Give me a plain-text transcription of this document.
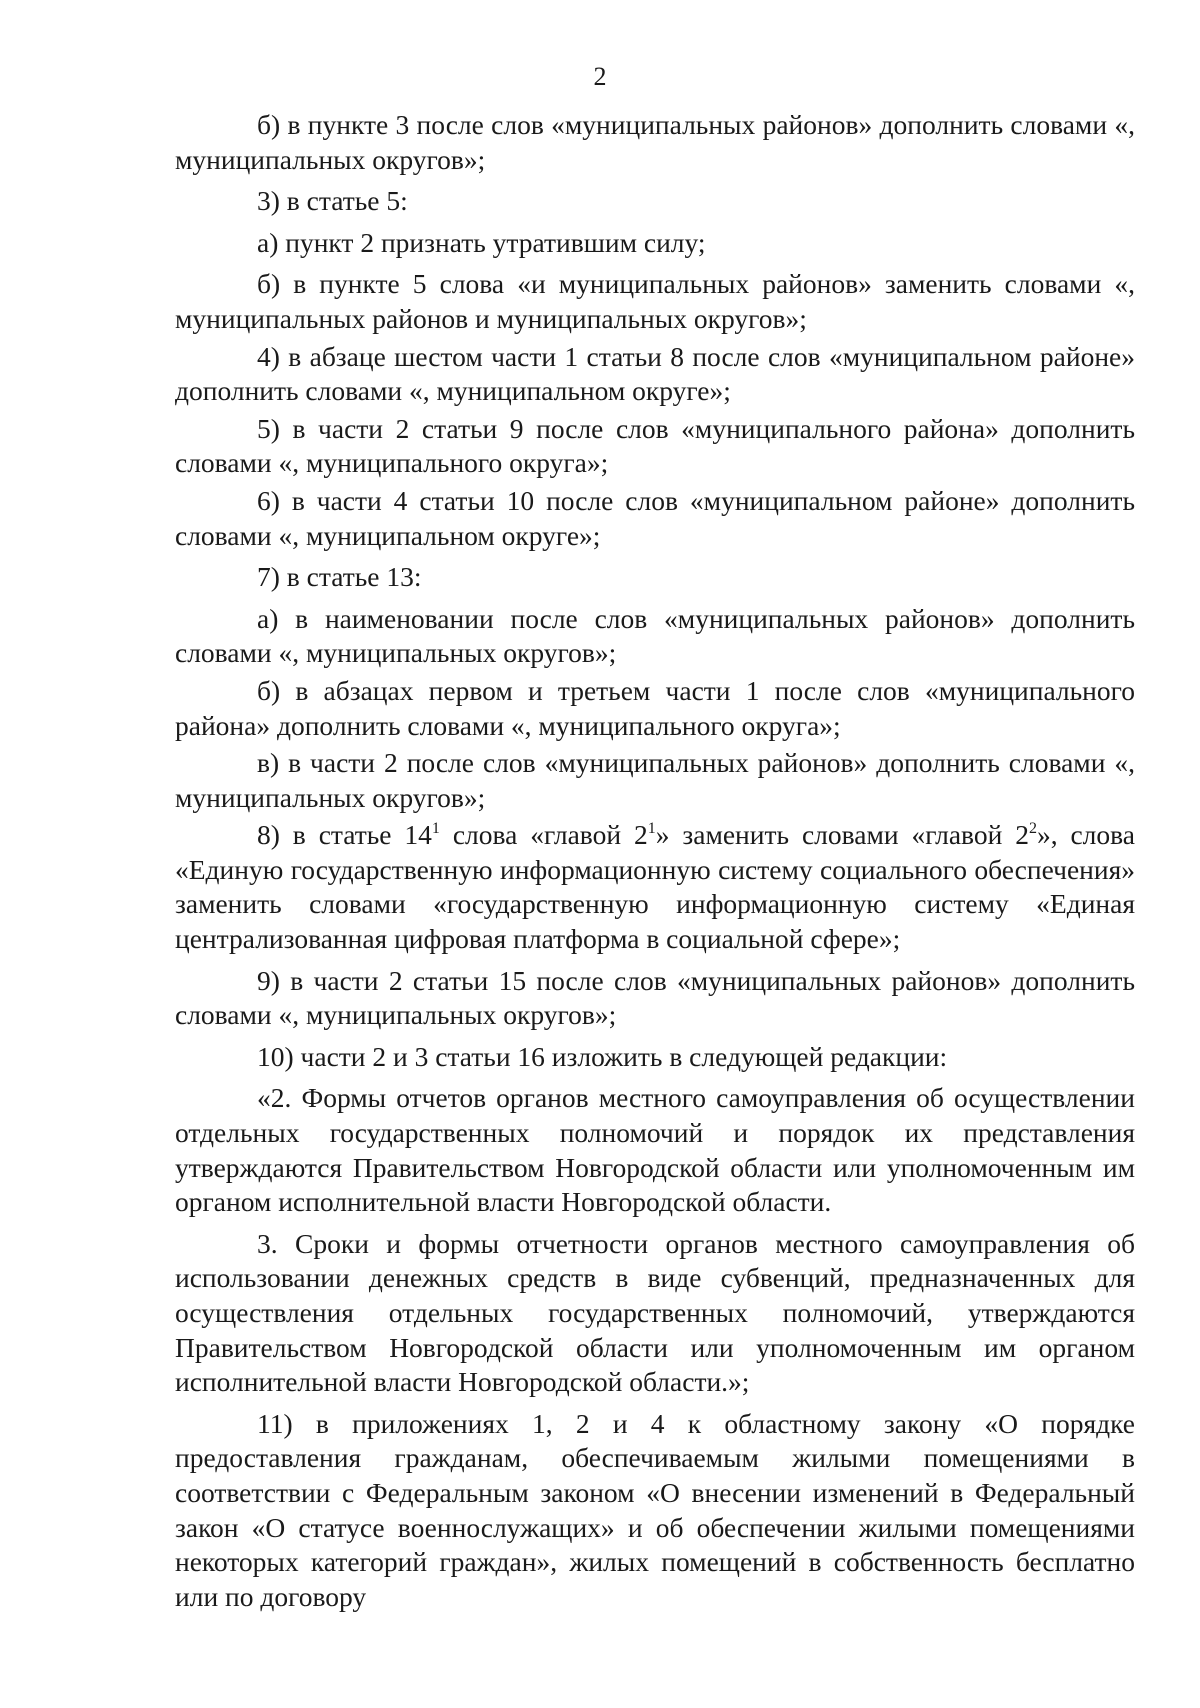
2

б) в пункте 3 после слов «муниципальных районов» дополнить словами «, муниципальных округов»;

3) в статье 5:

а) пункт 2 признать утратившим силу;

б) в пункте 5 слова «и муниципальных районов» заменить словами «, муниципальных районов и муниципальных округов»;

4) в абзаце шестом части 1 статьи 8 после слов «муниципальном районе» дополнить словами «, муниципальном округе»;

5) в части 2 статьи 9 после слов «муниципального района» дополнить словами «, муниципального округа»;

6) в части 4 статьи 10 после слов «муниципальном районе» дополнить словами «, муниципальном округе»;

7) в статье 13:

а) в наименовании после слов «муниципальных районов» дополнить словами «, муниципальных округов»;

б) в абзацах первом и третьем части 1 после слов «муниципального района» дополнить словами «, муниципального округа»;

в) в части 2 после слов «муниципальных районов» дополнить словами «, муниципальных округов»;

8) в статье $14^1$ слова «главой $2^1$» заменить словами «главой $2^2$», слова «Единую государственную информационную систему социального обеспечения» заменить словами «государственную информационную систему «Единая централизованная цифровая платформа в социальной сфере»;

9) в части 2 статьи 15 после слов «муниципальных районов» дополнить словами «, муниципальных округов»;

10) части 2 и 3 статьи 16 изложить в следующей редакции:

«2. Формы отчетов органов местного самоуправления об осуществлении отдельных государственных полномочий и порядок их представления утверждаются Правительством Новгородской области или уполномоченным им органом исполнительной власти Новгородской области.

3. Сроки и формы отчетности органов местного самоуправления об использовании денежных средств в виде субвенций, предназначенных для осуществления отдельных государственных полномочий, утверждаются Правительством Новгородской области или уполномоченным им органом исполнительной власти Новгородской области.»;

11) в приложениях 1, 2 и 4 к областному закону «О порядке предоставления гражданам, обеспечиваемым жилыми помещениями в соответствии с Федеральным законом «О внесении изменений в Федеральный закон «О статусе военнослужащих» и об обеспечении жилыми помещениями некоторых категорий граждан», жилых помещений в собственность бесплатно или по договору
